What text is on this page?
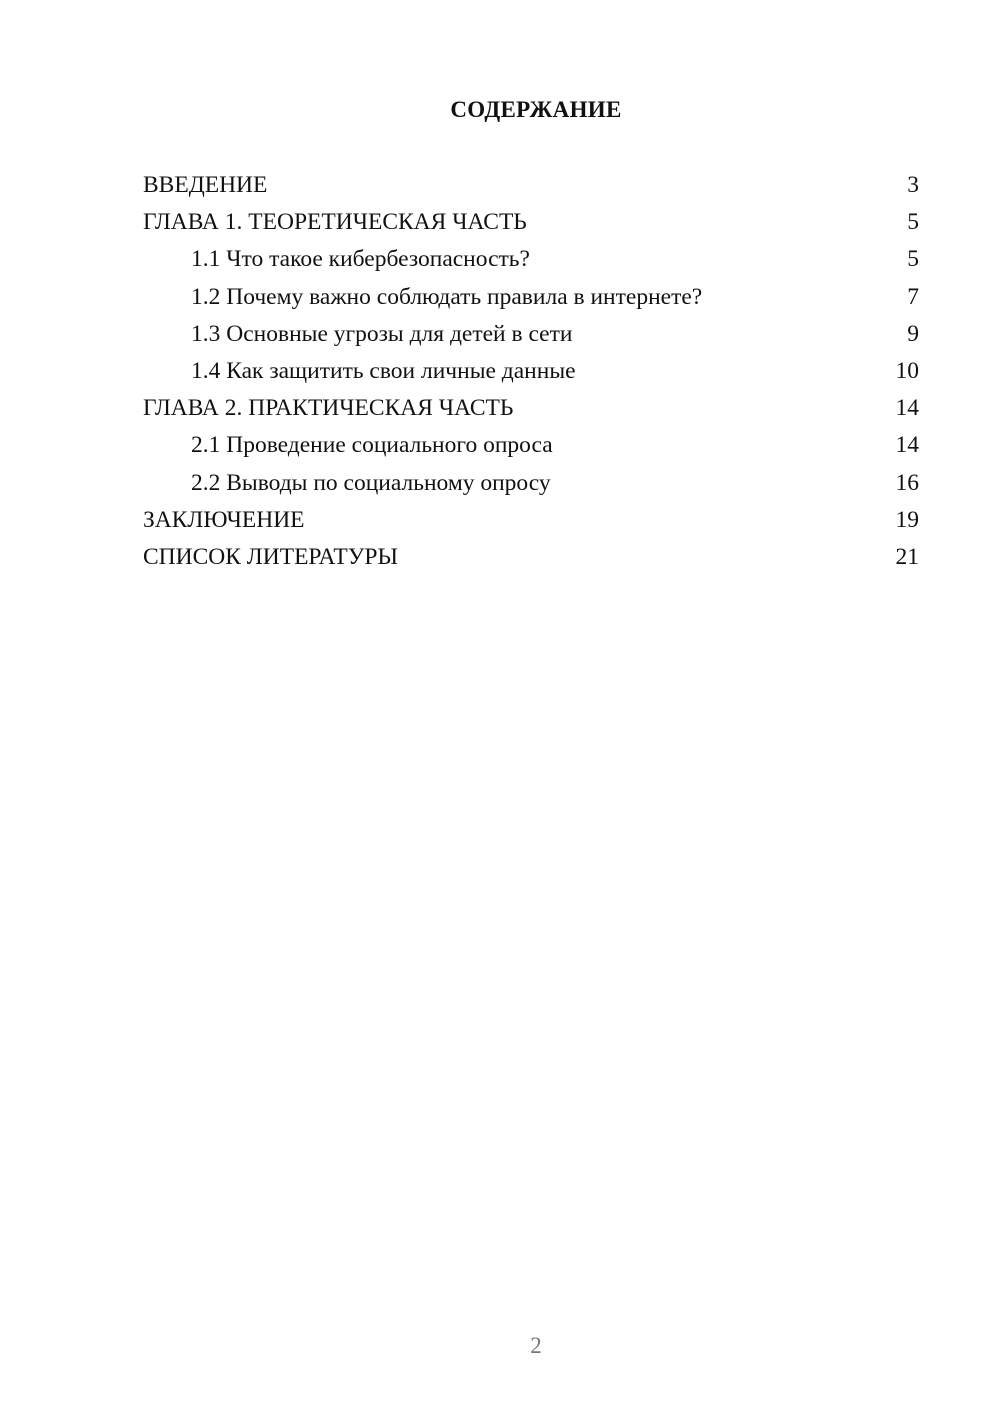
СОДЕРЖАНИЕ
ВВЕДЕНИЕ	3
ГЛАВА 1. ТЕОРЕТИЧЕСКАЯ ЧАСТЬ	5
1.1 Что такое кибербезопасность?	5
1.2 Почему важно соблюдать правила в интернете?	7
1.3 Основные угрозы для детей в сети	9
1.4 Как защитить свои личные данные	10
ГЛАВА 2. ПРАКТИЧЕСКАЯ ЧАСТЬ	14
2.1 Проведение социального опроса	14
2.2 Выводы по социальному опросу	16
ЗАКЛЮЧЕНИЕ	19
СПИСОК ЛИТЕРАТУРЫ	21
2
